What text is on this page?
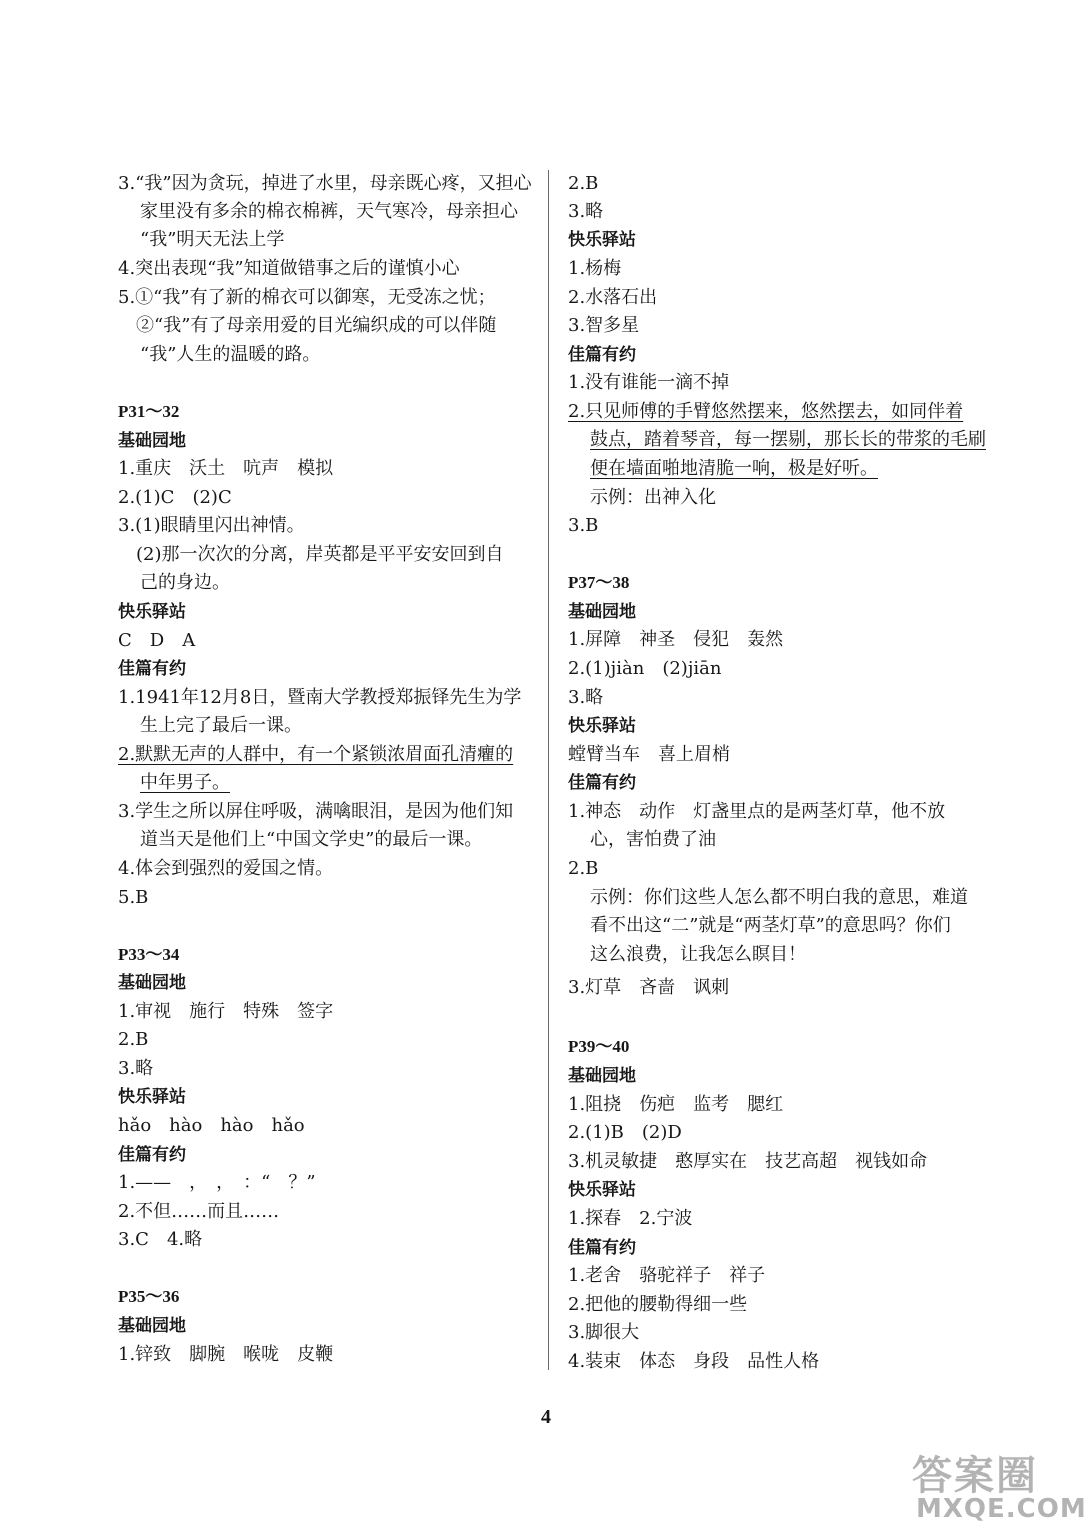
3.“我”因为贪玩，掉进了水里，母亲既心疼，又担心
家里没有多余的棉衣棉裤，天气寒冷，母亲担心
“我”明天无法上学
4.突出表现“我”知道做错事之后的谨慎小心
5.①“我”有了新的棉衣可以御寒，无受冻之忧；
②“我”有了母亲用爱的目光编织成的可以伴随
“我”人生的温暖的路。
P31～32
基础园地
1.重庆　沃土　吭声　模拟
2.(1)C　(2)C
3.(1)眼睛里闪出神情。
(2)那一次次的分离，岸英都是平平安安回到自
己的身边。
快乐驿站
C　D　A
佳篇有约
1.1941年12月8日，暨南大学教授郑振铎先生为学
生上完了最后一课。
2.默默无声的人群中，有一个紧锁浓眉面孔清癯的
中年男子。
3.学生之所以屏住呼吸，满噙眼泪，是因为他们知
道当天是他们上“中国文学史”的最后一课。
4.体会到强烈的爱国之情。
5.B
P33～34
基础园地
1.审视　施行　特殊　签字
2.B
3.略
快乐驿站
hǎo　hào　hào　hǎo
佳篇有约
1.——　，　，　：“　？”
2.不但……而且……
3.C　4.略
P35～36
基础园地
1.锌致　脚腕　喉咙　皮鞭
2.B
3.略
快乐驿站
1.杨梅
2.水落石出
3.智多星
佳篇有约
1.没有谁能一滴不掉
2.只见师傅的手臂悠然摆来，悠然摆去，如同伴着
鼓点，踏着琴音，每一摆剔，那长长的带浆的毛刷
便在墙面啪地清脆一响，极是好听。
示例：出神入化
3.B
P37～38
基础园地
1.屏障　神圣　侵犯　轰然
2.(1)jiàn　(2)jiān
3.略
快乐驿站
螳臂当车　喜上眉梢
佳篇有约
1.神态　动作　灯盏里点的是两茎灯草，他不放
心，害怕费了油
2.B
示例：你们这些人怎么都不明白我的意思，难道
看不出这“二”就是“两茎灯草”的意思吗？你们
这么浪费，让我怎么瞑目！
3.灯草　吝啬　讽刺
P39～40
基础园地
1.阻挠　伤疤　监考　腮红
2.(1)B　(2)D
3.机灵敏捷　憨厚实在　技艺高超　视钱如命
快乐驿站
1.探春　2.宁波
佳篇有约
1.老舍　骆驼祥子　祥子
2.把他的腰勒得细一些
3.脚很大
4.装束　体态　身段　品性人格
4
答案圈
MXQE.COM
